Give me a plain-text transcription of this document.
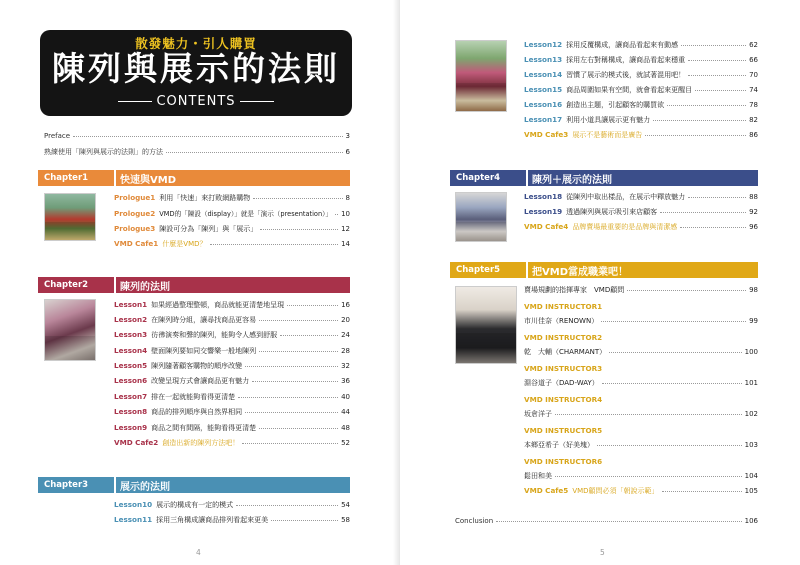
散發魅力・引人購買
陳列與展示的法則
CONTENTS
Preface	3
熟練使用「陳列與展示的法則」的方法	6
Chapter1	快速與VMD
Prologue1 利用「快速」來打敗網路購物	8
Prologue2 VMD的「陳設（display）」就是「演示（presentation）」 10
Prologue3 陳設可分為「陳列」與「展示」	12
VMD Cafe1 什麼是VMD？	14
Chapter2	陳列的法則
Lesson1 如果經過整理整頓，商品就能更清楚地呈現	16
Lesson2 在陳列時分組，讓尋找商品更容易	20
Lesson3 彷彿演奏和聲的陳列，能夠令人感到舒服	24
Lesson4 壁面陳列要如同交響樂一般地陳列	28
Lesson5 陳列隨著顧客購物的順序改變	32
Lesson6 改變呈現方式會讓商品更有魅力	36
Lesson7 排在一起就能夠看得更清楚	40
Lesson8 商品的排列順序與自然界相同	44
Lesson9 商品之間有間隔，能夠看得更清楚	48
VMD Cafe2 創造出新的陳列方法吧！	52
Chapter3	展示的法則
Lesson10 展示的構成有一定的模式	54
Lesson11 採用三角構成讓商品排列看起來更美	58
4
Lesson12 採用反覆構成，讓商品看起來有動感	62
Lesson13 採用左右對稱構成，讓商品看起來穩重	66
Lesson14 習慣了展示的模式後，就試著混用吧！	70
Lesson15 商品周圍如果有空間，就會看起來更醒目	74
Lesson16 創造出主題，引起顧客的購買欲	78
Lesson17 利用小道具讓展示更有魅力	82
VMD Cafe3 展示不是藝術而是廣告	86
Chapter4	陳列＋展示的法則
Lesson18 從陳列中取出樣品，在展示中釋放魅力	88
Lesson19 透過陳列與展示吸引來店顧客	92
VMD Cafe4 品牌賣場最重要的是品牌與清潔感	96
Chapter5	把VMD當成職業吧！
賣場規劃的指揮專家　VMD顧問	98
VMD INSTRUCTOR1
市川佳奈（RENOWN）	99
VMD INSTRUCTOR2
乾　大輔（CHARMANT）	100
VMD INSTRUCTOR3
淵谷道子（DAD-WAY）	101
VMD INSTRUCTOR4
坂倉洋子	102
VMD INSTRUCTOR5
本鄉亞希子（好美塊）	103
VMD INSTRUCTOR6
鬆田和美	104
VMD Cafe5 VMD顧問必須「朝說示範」	105
Conclusion	106
5
